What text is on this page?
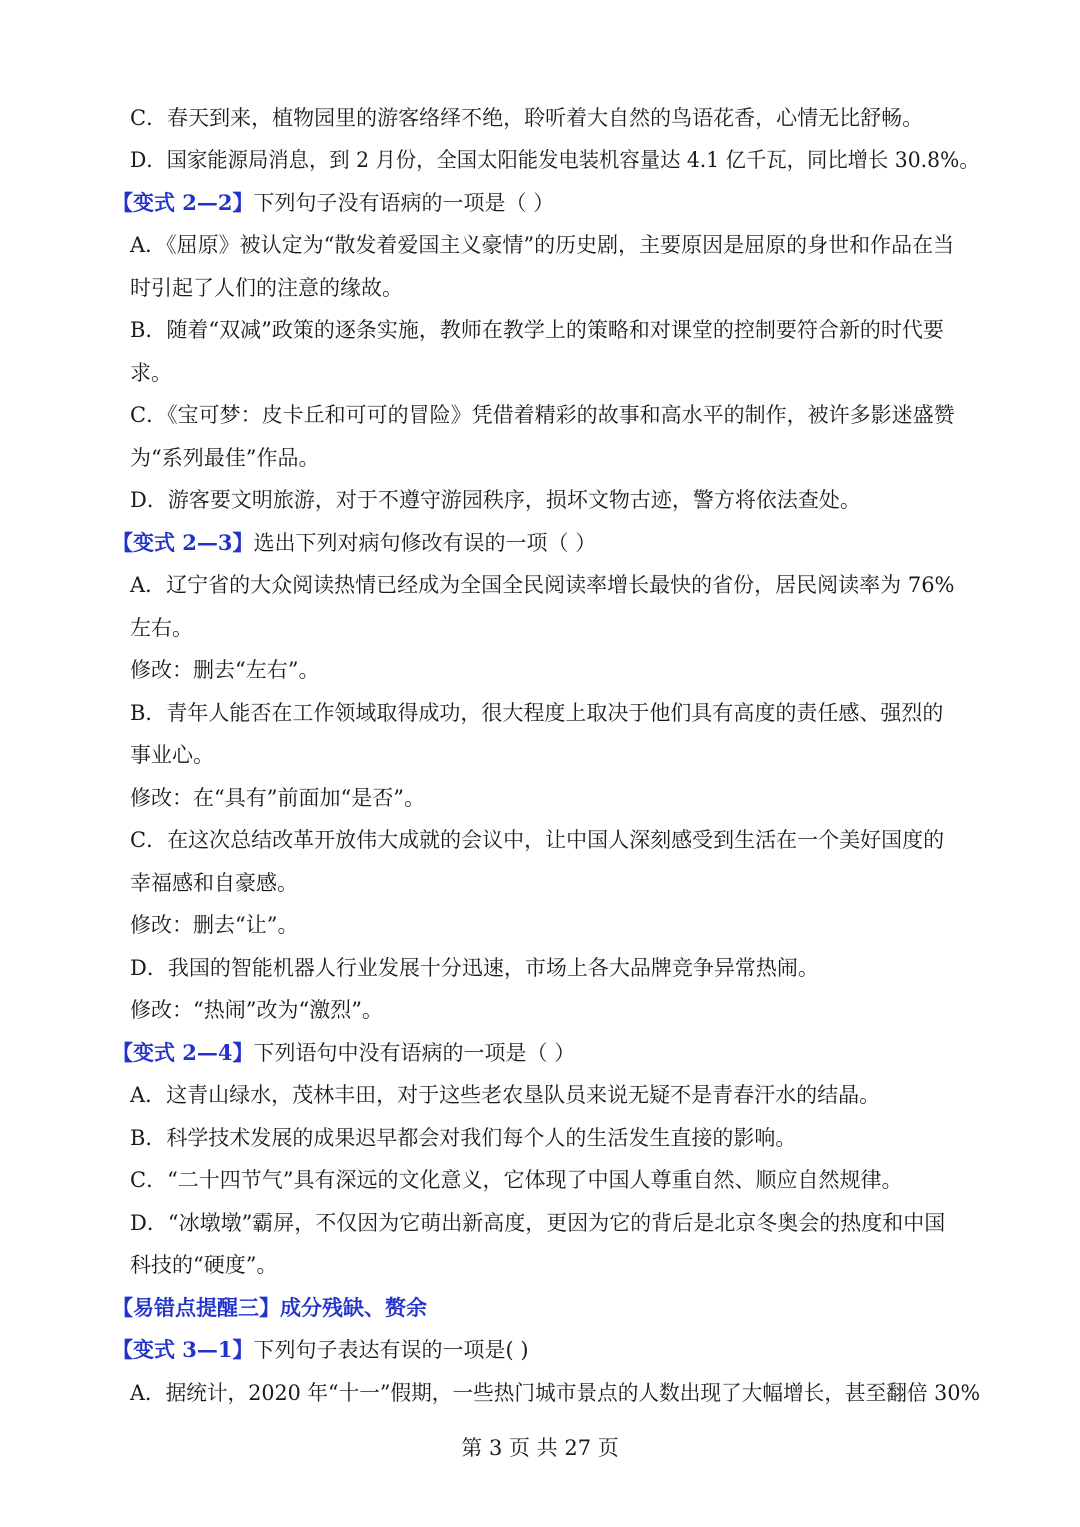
C．春天到来，植物园里的游客络绎不绝，聆听着大自然的鸟语花香，心情无比舒畅。
D．国家能源局消息，到 2 月份，全国太阳能发电装机容量达 4.1 亿千瓦，同比增长 30.8%。
【变式 2—2】下列句子没有语病的一项是（ ）
A．《屈原》被认定为“散发着爱国主义豪情”的历史剧，主要原因是屈原的身世和作品在当
时引起了人们的注意的缘故。
B．随着“双减”政策的逐条实施，教师在教学上的策略和对课堂的控制要符合新的时代要
求。
C．《宝可梦：皮卡丘和可可的冒险》凭借着精彩的故事和高水平的制作，被许多影迷盛赞
为“系列最佳”作品。
D．游客要文明旅游，对于不遵守游园秩序，损坏文物古迹，警方将依法查处。
【变式 2—3】选出下列对病句修改有误的一项（ ）
A．辽宁省的大众阅读热情已经成为全国全民阅读率增长最快的省份，居民阅读率为 76%
左右。
修改：删去“左右”。
B．青年人能否在工作领域取得成功，很大程度上取决于他们具有高度的责任感、强烈的
事业心。
修改：在“具有”前面加“是否”。
C．在这次总结改革开放伟大成就的会议中，让中国人深刻感受到生活在一个美好国度的
幸福感和自豪感。
修改：删去“让”。
D．我国的智能机器人行业发展十分迅速，市场上各大品牌竞争异常热闹。
修改：“热闹”改为“激烈”。
【变式 2—4】下列语句中没有语病的一项是（ ）
A．这青山绿水，茂林丰田，对于这些老农垦队员来说无疑不是青春汗水的结晶。
B．科学技术发展的成果迟早都会对我们每个人的生活发生直接的影响。
C．“二十四节气”具有深远的文化意义，它体现了中国人尊重自然、顺应自然规律。
D．“冰墩墩”霸屏，不仅因为它萌出新高度，更因为它的背后是北京冬奥会的热度和中国
科技的“硬度”。
【易错点提醒三】成分残缺、赘余
【变式 3—1】下列句子表达有误的一项是( )
A．据统计，2020 年“十一”假期，一些热门城市景点的人数出现了大幅增长，甚至翻倍 30%
第 3 页 共 27 页
